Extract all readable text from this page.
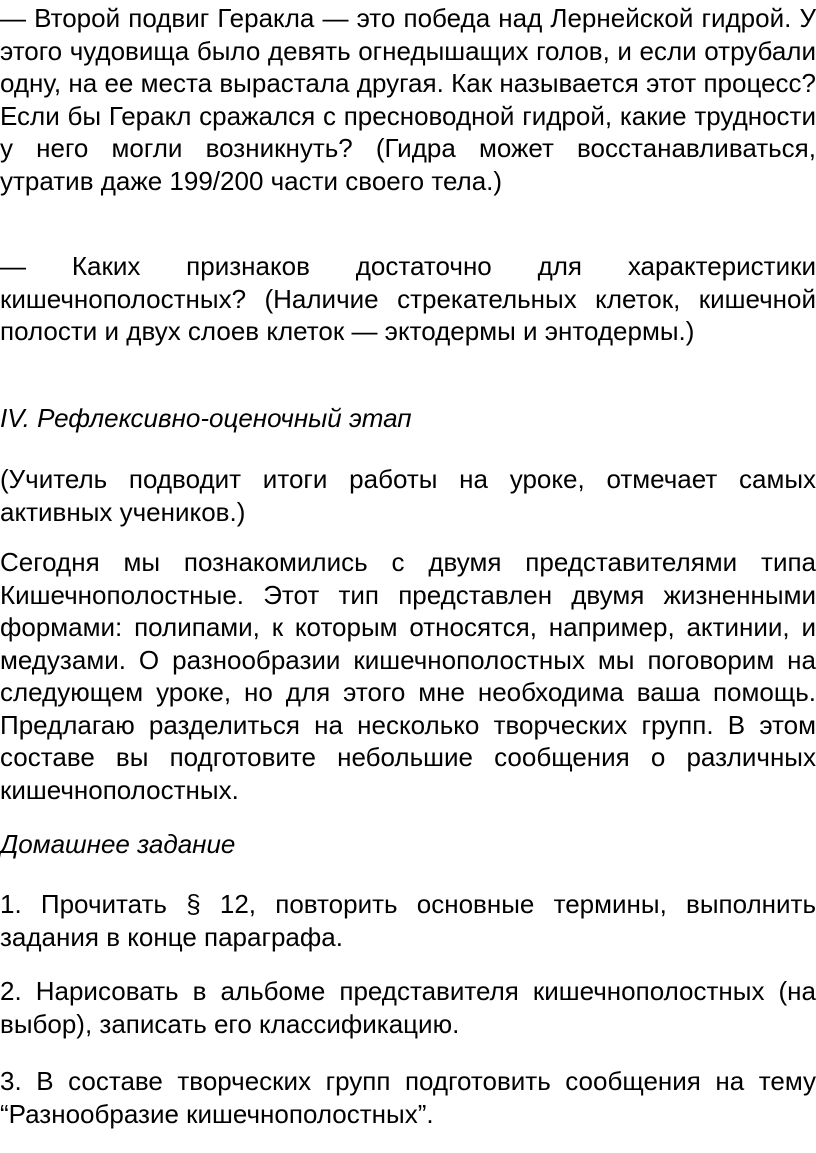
— Второй подвиг Геракла — это победа над Лернейской гидрой. У этого чудовища было девять огнедышащих голов, и если отрубали одну, на ее места вырастала другая. Как называется этот процесс? Если бы Геракл сражался с пресноводной гидрой, какие трудности у него могли возникнуть? (Гидра может восстанавливаться, утратив даже 199/200 части своего тела.)

— Каких признаков достаточно для характеристики кишечнополостных? (Наличие стрекательных клеток, кишечной полости и двух слоев клеток — эктодермы и энтодермы.)

IV. Рефлексивно-оценочный этап

(Учитель подводит итоги работы на уроке, отмечает самых активных учеников.)

Сегодня мы познакомились с двумя представителями типа Кишечнополостные. Этот тип представлен двумя жизненными формами: полипами, к которым относятся, например, актинии, и медузами. О разнообразии кишечнополостных мы поговорим на следующем уроке, но для этого мне необходима ваша помощь. Предлагаю разделиться на несколько творческих групп. В этом составе вы подготовите небольшие сообщения о различных кишечнополостных.

Домашнее задание

1. Прочитать § 12, повторить основные термины, выполнить задания в конце параграфа.

2. Нарисовать в альбоме представителя кишечнополостных (на выбор), записать его классификацию.

3. В составе творческих групп подготовить сообщения на тему “Разнообразие кишечнополостных”.
